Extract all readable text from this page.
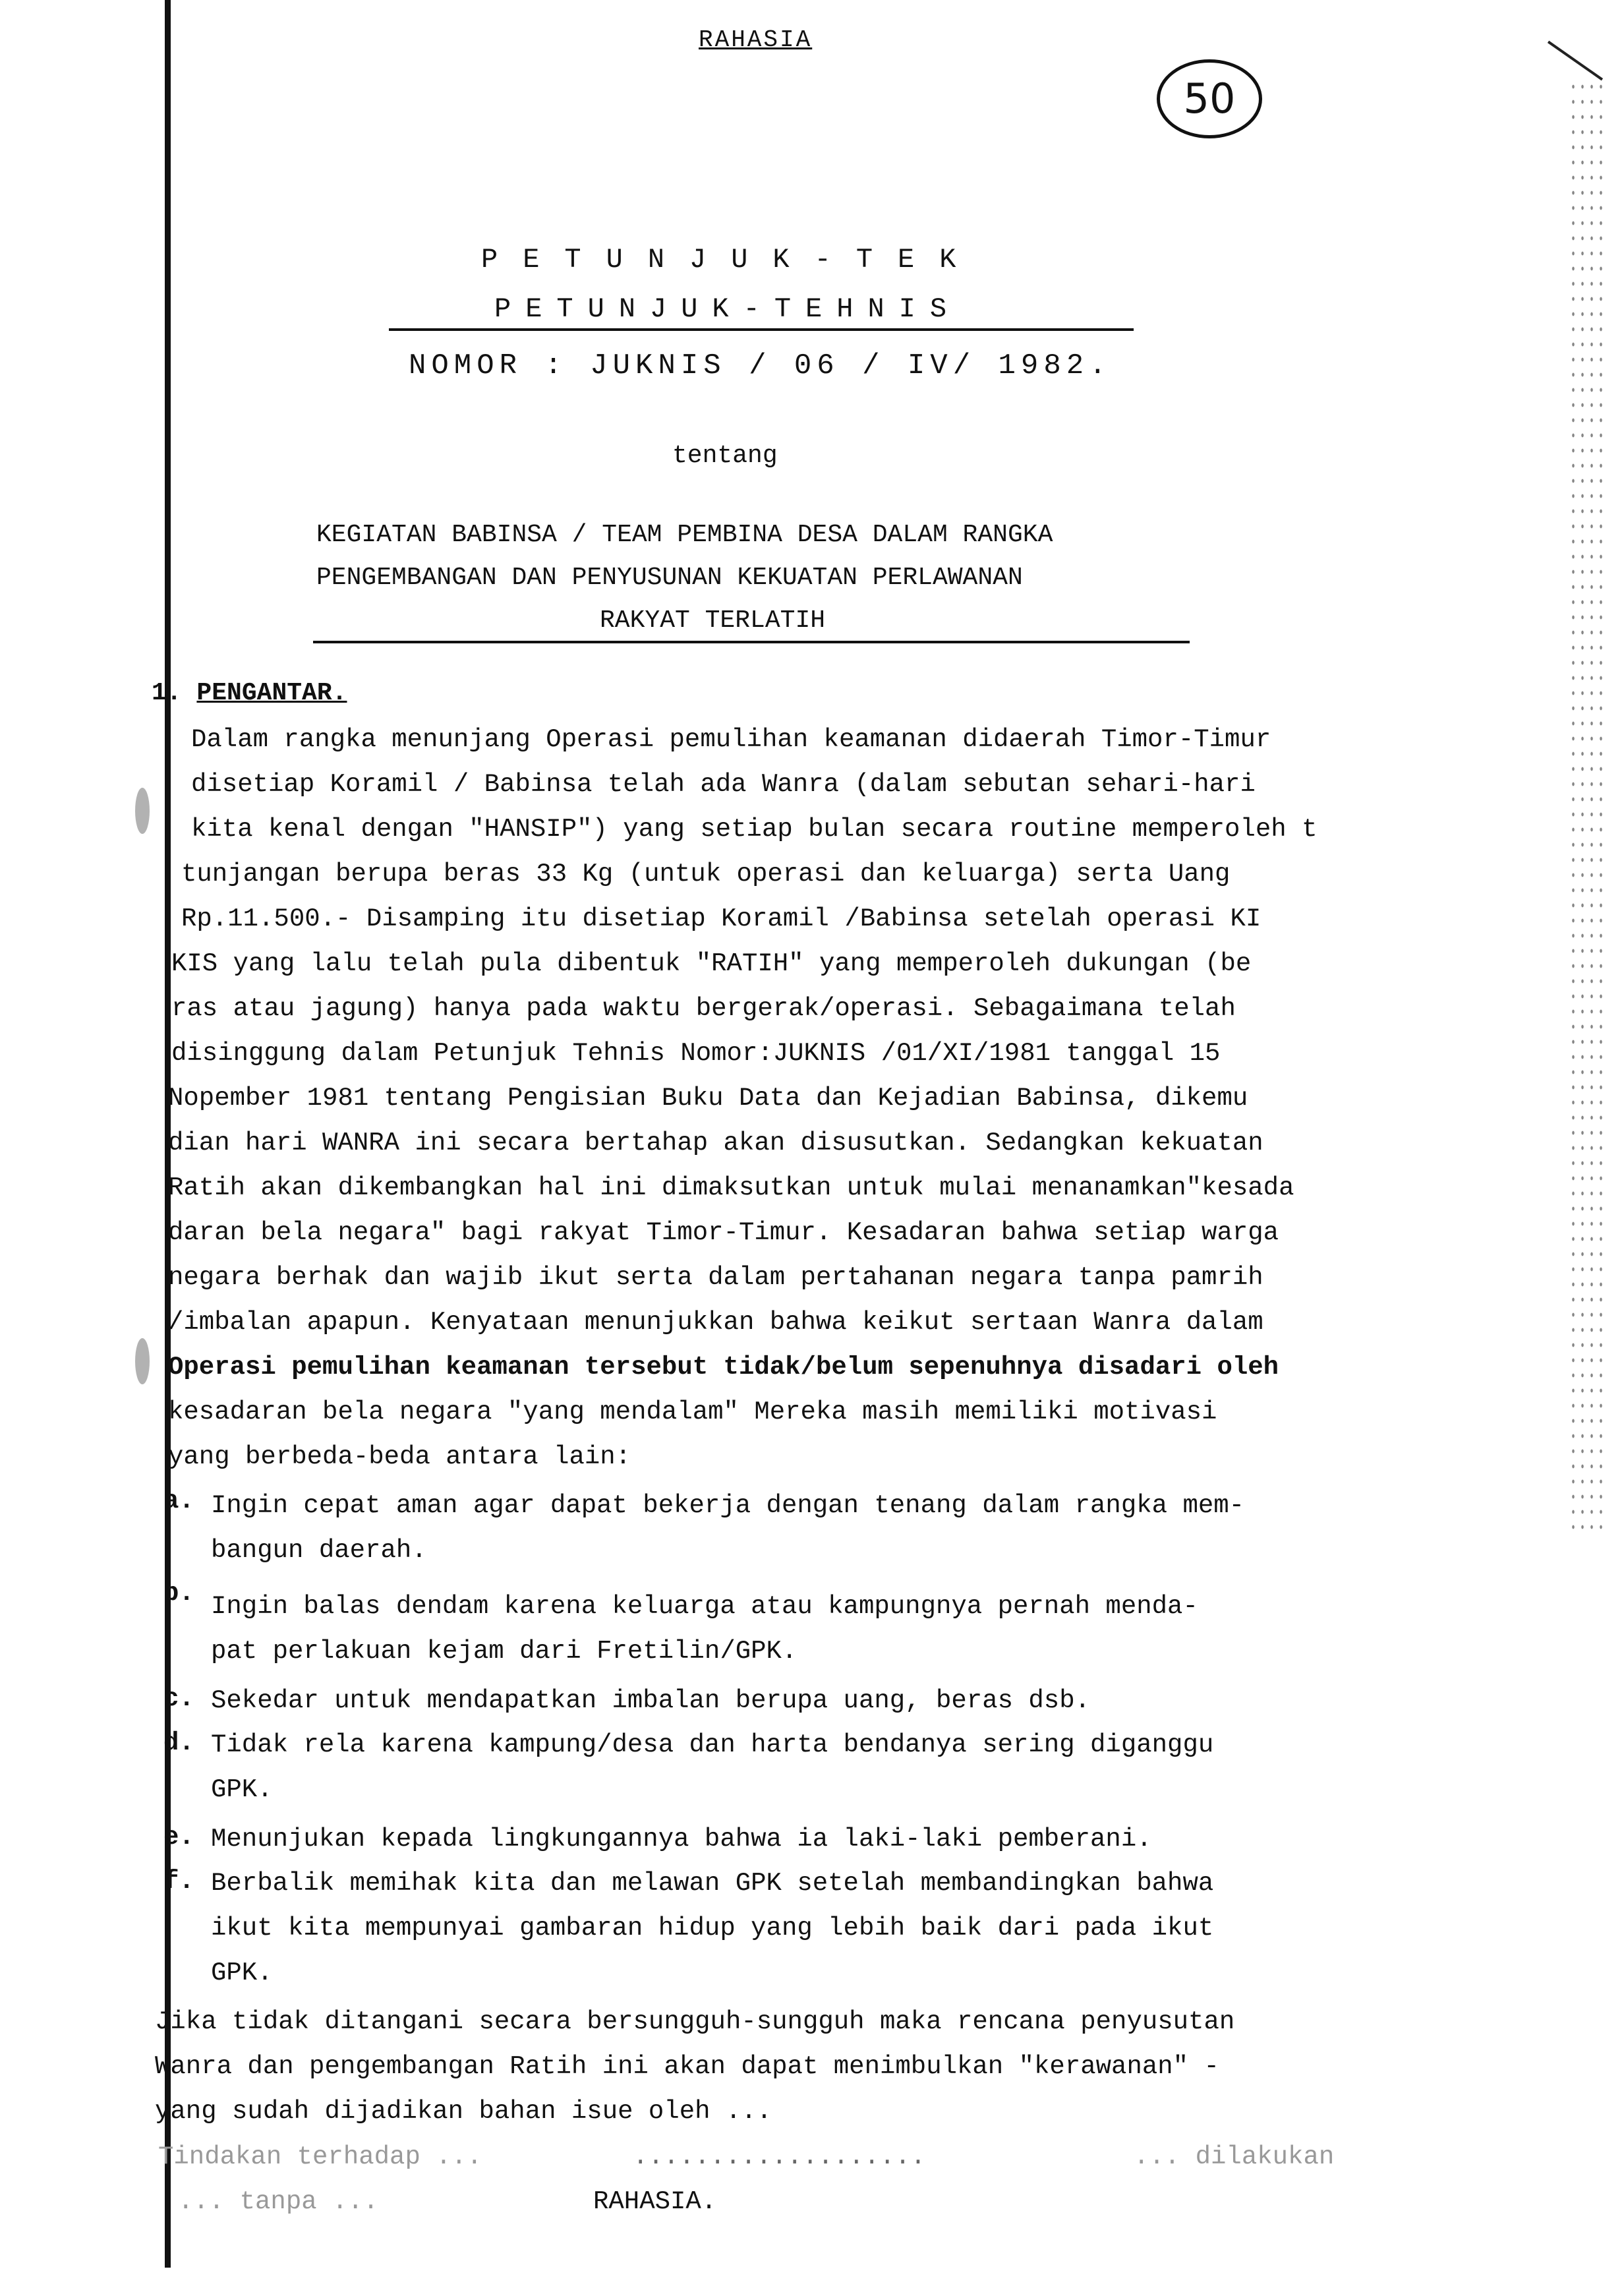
RAHASIA
50
PETUNJUK-TEK
PETUNJUK-TEHNIS
NOMOR : JUKNIS / 06 / IV/ 1982.
tentang
KEGIATAN BABINSA / TEAM PEMBINA DESA DALAM RANGKA
PENGEMBANGAN DAN PENYUSUNAN KEKUATAN PERLAWANAN
RAKYAT TERLATIH
1. PENGANTAR.
Dalam rangka menunjang Operasi pemulihan keamanan didaerah Timor-Timur
disetiap Koramil / Babinsa telah ada Wanra (dalam sebutan sehari-hari
kita kenal dengan "HANSIP") yang setiap bulan secara routine memperoleh t
tunjangan berupa beras 33 Kg (untuk operasi dan keluarga) serta Uang
Rp.11.500.- Disamping itu disetiap Koramil /Babinsa setelah operasi KI
KIS yang lalu telah pula dibentuk "RATIH" yang memperoleh dukungan (be
ras atau jagung) hanya pada waktu bergerak/operasi. Sebagaimana telah
disinggung dalam Petunjuk Tehnis Nomor:JUKNIS /01/XI/1981 tanggal 15
Nopember 1981 tentang Pengisian Buku Data dan Kejadian Babinsa, dikemu
dian hari WANRA ini secara bertahap akan disusutkan. Sedangkan kekuatan
Ratih akan dikembangkan hal ini dimaksutkan untuk mulai menanamkan"kesada
daran bela negara" bagi rakyat Timor-Timur. Kesadaran bahwa setiap warga
negara berhak dan wajib ikut serta dalam pertahanan negara tanpa pamrih
/imbalan apapun. Kenyataan menunjukkan bahwa keikut sertaan Wanra dalam
Operasi pemulihan keamanan tersebut tidak/belum sepenuhnya disadari oleh
kesadaran bela negara "yang mendalam" Mereka masih memiliki motivasi
yang berbeda-beda antara lain:
a. Ingin cepat aman agar dapat bekerja dengan tenang dalam rangka mem-
bangun daerah.
b. Ingin balas dendam karena keluarga atau kampungnya pernah menda-
pat perlakuan kejam dari Fretilin/GPK.
c. Sekedar untuk mendapatkan imbalan berupa uang, beras dsb.
d. Tidak rela karena kampung/desa dan harta bendanya sering diganggu
GPK.
e. Menunjukan kepada lingkungannya bahwa ia laki-laki pemberani.
f. Berbalik memihak kita dan melawan GPK setelah membandingkan bahwa
ikut kita mempunyai gambaran hidup yang lebih baik dari pada ikut
GPK.
Jika tidak ditangani secara bersungguh-sungguh maka rencana penyusutan
Wanra dan pengembangan Ratih ini akan dapat menimbulkan "kerawanan" -
yang sudah dijadikan bahan isue oleh ...
Tindakan terhadap ...	...................	... dilakukan
... tanpa ...	RAHASIA.
